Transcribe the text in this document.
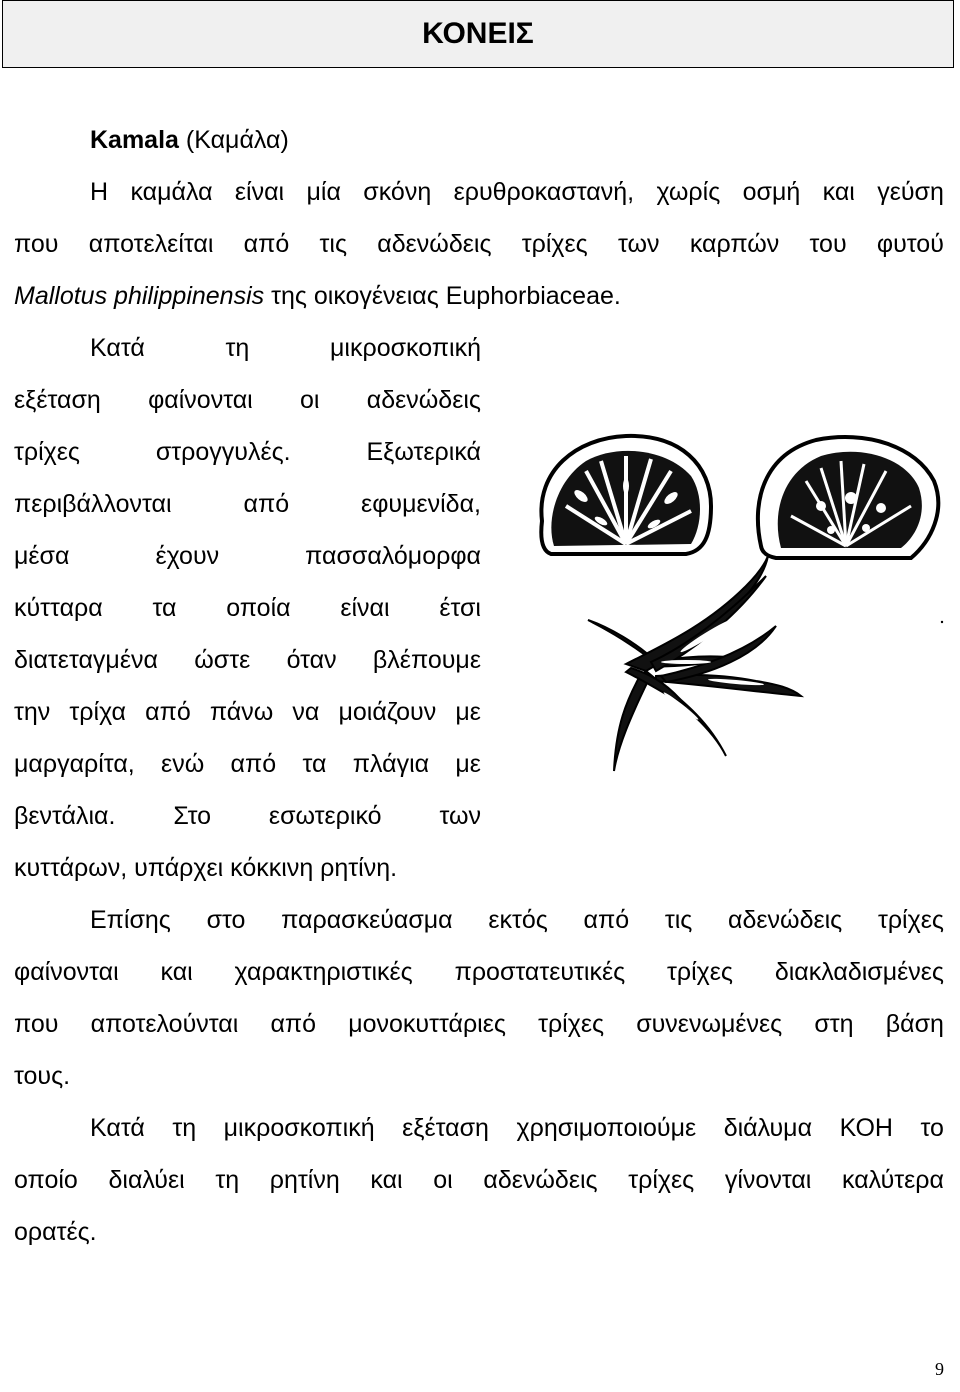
ΚΟΝΕΙΣ
Kamala (Καμάλα)
Η καμάλα είναι μία σκόνη ερυθροκαστανή, χωρίς οσμή και γεύση
που αποτελείται από τις αδενώδεις τρίχες των καρπών του φυτού
Mallotus philippinensis της οικογένειας Euphorbiaceae.
Κατά	τη	μικροσκοπική
εξέταση φαίνονται οι αδενώδεις
τρίχες	στρογγυλές.	Εξωτερικά
περιβάλλονται	από	εφυμενίδα,
μέσα	έχουν	πασσαλόμορφα
κύτταρα τα οποία είναι έτσι
διατεταγμένα ώστε όταν βλέπουμε
την τρίχα από πάνω να μοιάζουν με
μαργαρίτα, ενώ από τα πλάγια με
βεντάλια. Στο εσωτερικό των
κυττάρων, υπάρχει κόκκινη ρητίνη.
Επίσης στο παρασκεύασμα εκτός από τις αδενώδεις τρίχες
φαίνονται και χαρακτηριστικές προστατευτικές τρίχες διακλαδισμένες
που αποτελούνται από μονοκυττάριες τρίχες συνενωμένες στη βάση
τους.
Κατά τη μικροσκοπική εξέταση χρησιμοποιούμε διάλυμα ΚΟΗ το
οποίο διαλύει τη ρητίνη και οι αδενώδεις τρίχες γίνονται καλύτερα
ορατές.
9
